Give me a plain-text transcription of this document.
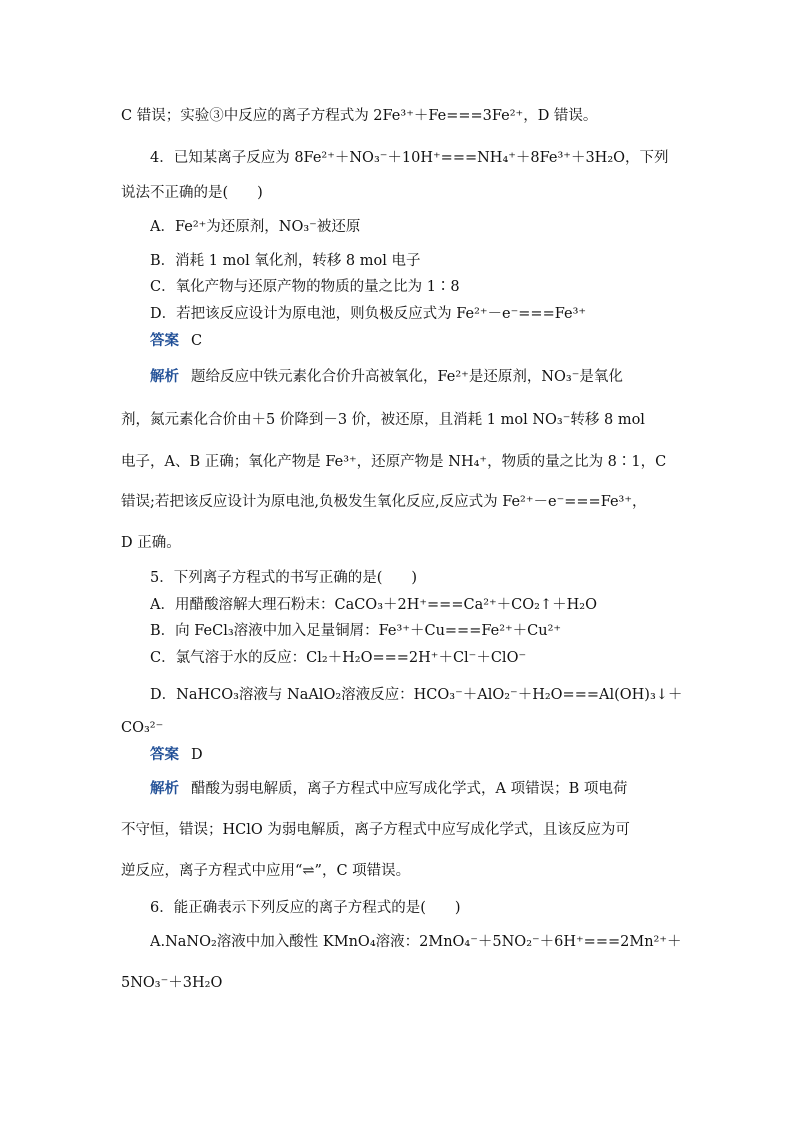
C 错误；实验③中反应的离子方程式为 2Fe³⁺＋Fe===3Fe²⁺，D 错误。
4．已知某离子反应为 8Fe²⁺＋NO₃⁻＋10H⁺===NH₄⁺＋8Fe³⁺＋3H₂O，下列
说法不正确的是(　　)
A．Fe²⁺为还原剂，NO₃⁻被还原
B．消耗 1 mol 氧化剂，转移 8 mol 电子
C．氧化产物与还原产物的物质的量之比为 1∶8
D．若把该反应设计为原电池，则负极反应式为 Fe²⁺－e⁻===Fe³⁺
答案 C
解析 题给反应中铁元素化合价升高被氧化，Fe²⁺是还原剂，NO₃⁻是氧化
剂，氮元素化合价由＋5 价降到－3 价，被还原，且消耗 1 mol NO₃⁻转移 8 mol
电子，A、B 正确；氧化产物是 Fe³⁺，还原产物是 NH₄⁺，物质的量之比为 8∶1，C
错误;若把该反应设计为原电池,负极发生氧化反应,反应式为 Fe²⁺－e⁻===Fe³⁺，
D 正确。
5．下列离子方程式的书写正确的是(　　)
A．用醋酸溶解大理石粉末：CaCO₃＋2H⁺===Ca²⁺＋CO₂↑＋H₂O
B．向 FeCl₃溶液中加入足量铜屑：Fe³⁺＋Cu===Fe²⁺＋Cu²⁺
C．氯气溶于水的反应：Cl₂＋H₂O===2H⁺＋Cl⁻＋ClO⁻
D．NaHCO₃溶液与 NaAlO₂溶液反应：HCO₃⁻＋AlO₂⁻＋H₂O===Al(OH)₃↓＋
CO₃²⁻
答案 D
解析 醋酸为弱电解质，离子方程式中应写成化学式，A 项错误；B 项电荷
不守恒，错误；HClO 为弱电解质，离子方程式中应写成化学式，且该反应为可
逆反应，离子方程式中应用“⇌”，C 项错误。
6．能正确表示下列反应的离子方程式的是(　　)
A.NaNO₂溶液中加入酸性 KMnO₄溶液：2MnO₄⁻＋5NO₂⁻＋6H⁺===2Mn²⁺＋
5NO₃⁻＋3H₂O
